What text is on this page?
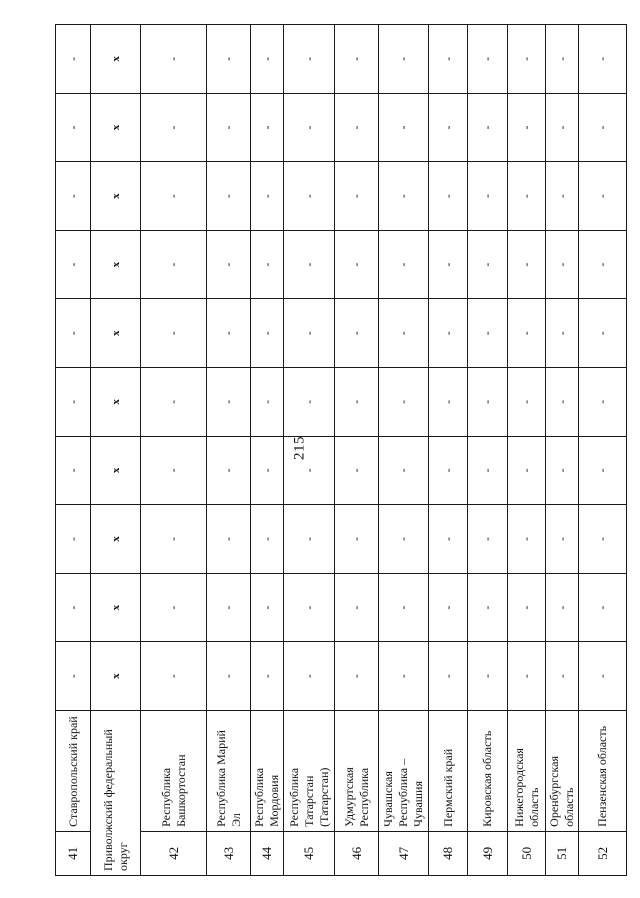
215
41	Ставропольский край	-	-	-	-	-	-	-	-	-	-
Приволжский федеральный округ		x	x	x	x	x	x	x	x	x	x
42	Республика Башкортостан	-	-	-	-	-	-	-	-	-	-
43	Республика Марий Эл	-	-	-	-	-	-	-	-	-	-
44	Республика Мордовия	-	-	-	-	-	-	-	-	-	-
45	Республика Татарстан (Татарстан)	-	-	-	-	-	-	-	-	-	-
46	Удмуртская Республика	-	-	-	-	-	-	-	-	-	-
47	Чувашская Республика – Чувашия	-	-	-	-	-	-	-	-	-	-
48	Пермский край	-	-	-	-	-	-	-	-	-	-
49	Кировская область	-	-	-	-	-	-	-	-	-	-
50	Нижегородская область	-	-	-	-	-	-	-	-	-	-
51	Оренбургская область	-	-	-	-	-	-	-	-	-	-
52	Пензенская область	-	-	-	-	-	-	-	-	-	-
